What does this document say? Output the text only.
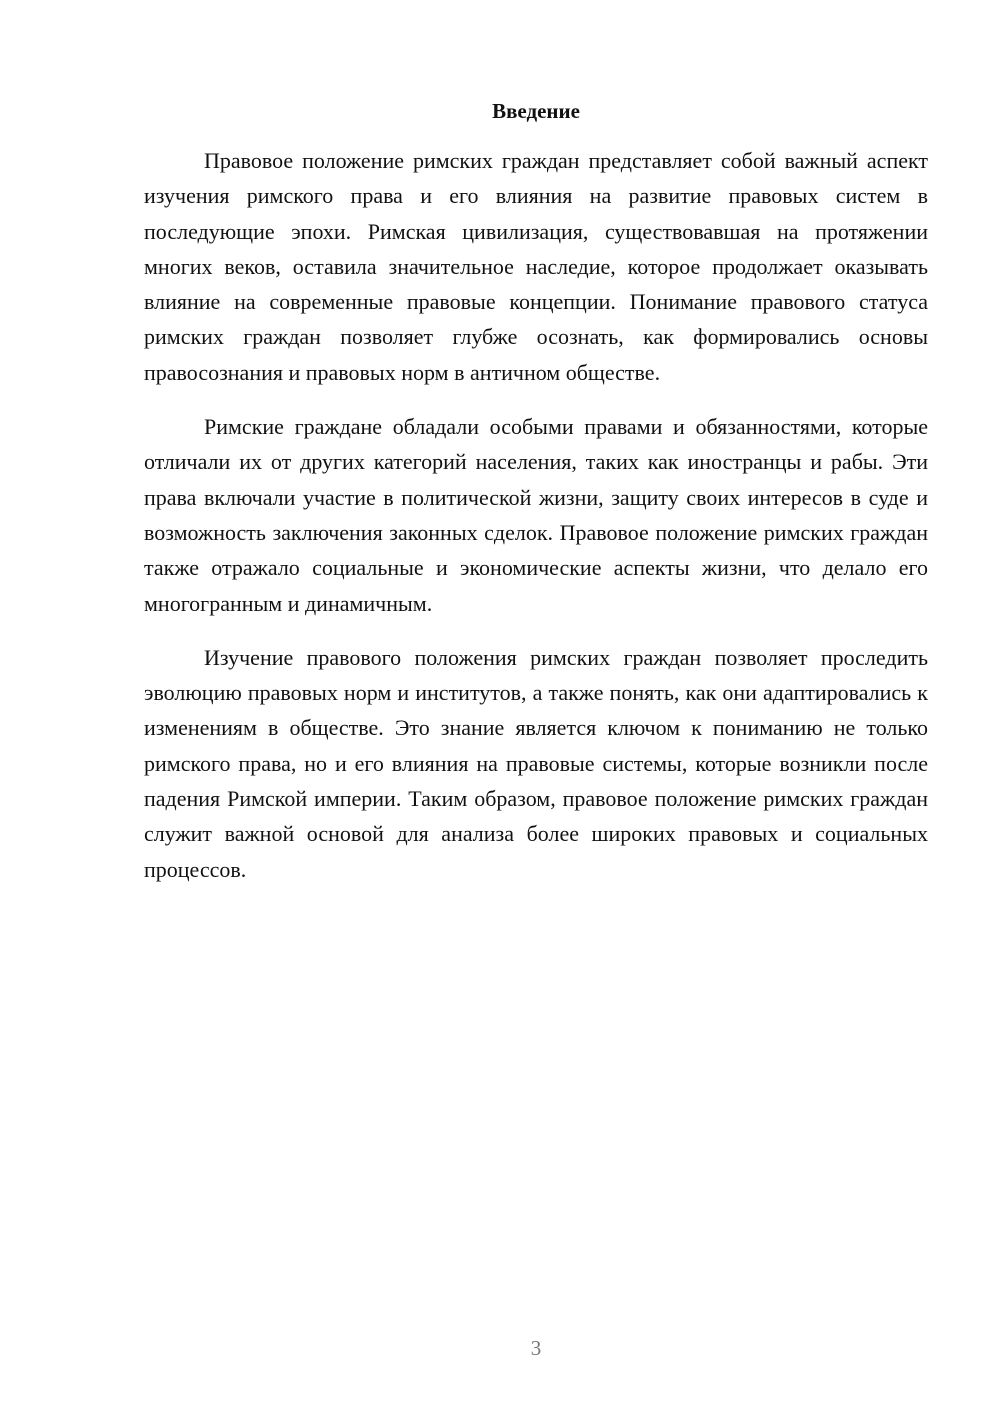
Введение

Правовое положение римских граждан представляет собой важный аспект изучения римского права и его влияния на развитие правовых систем в последующие эпохи. Римская цивилизация, существовавшая на протяжении многих веков, оставила значительное наследие, которое продолжает оказывать влияние на современные правовые концепции. Понимание правового статуса римских граждан позволяет глубже осознать, как формировались основы правосознания и правовых норм в античном обществе.

Римские граждане обладали особыми правами и обязанностями, которые отличали их от других категорий населения, таких как иностранцы и рабы. Эти права включали участие в политической жизни, защиту своих интересов в суде и возможность заключения законных сделок. Правовое положение римских граждан также отражало социальные и экономические аспекты жизни, что делало его многогранным и динамичным.

Изучение правового положения римских граждан позволяет проследить эволюцию правовых норм и институтов, а также понять, как они адаптировались к изменениям в обществе. Это знание является ключом к пониманию не только римского права, но и его влияния на правовые системы, которые возникли после падения Римской империи. Таким образом, правовое положение римских граждан служит важной основой для анализа более широких правовых и социальных процессов.

3
